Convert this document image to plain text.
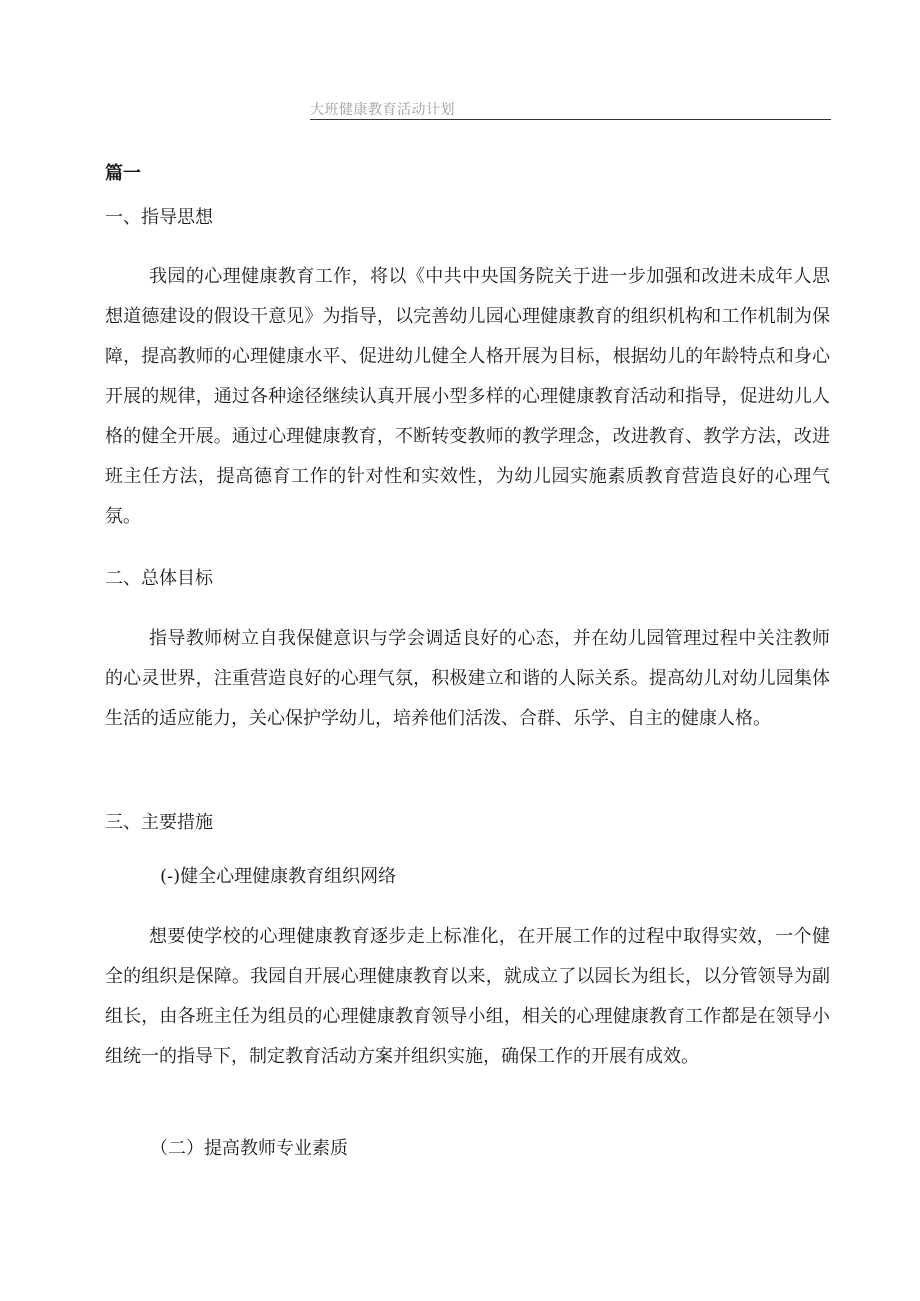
大班健康教育活动计划
篇一
一、指导思想

我园的心理健康教育工作，将以《中共中央国务院关于进一步加强和改进未成年人思想道德建设的假设干意见》为指导，以完善幼儿园心理健康教育的组织机构和工作机制为保障，提高教师的心理健康水平、促进幼儿健全人格开展为目标，根据幼儿的年龄特点和身心开展的规律，通过各种途径继续认真开展小型多样的心理健康教育活动和指导，促进幼儿人格的健全开展。通过心理健康教育，不断转变教师的教学理念，改进教育、教学方法，改进班主任方法，提高德育工作的针对性和实效性，为幼儿园实施素质教育营造良好的心理气氛。

二、总体目标

指导教师树立自我保健意识与学会调适良好的心态，并在幼儿园管理过程中关注教师的心灵世界，注重营造良好的心理气氛，积极建立和谐的人际关系。提高幼儿对幼儿园集体生活的适应能力，关心保护学幼儿，培养他们活泼、合群、乐学、自主的健康人格。

三、主要措施
(-)健全心理健康教育组织网络

想要使学校的心理健康教育逐步走上标准化，在开展工作的过程中取得实效，一个健全的组织是保障。我园自开展心理健康教育以来，就成立了以园长为组长，以分管领导为副组长，由各班主任为组员的心理健康教育领导小组，相关的心理健康教育工作都是在领导小组统一的指导下，制定教育活动方案并组织实施，确保工作的开展有成效。

（二）提高教师专业素质
